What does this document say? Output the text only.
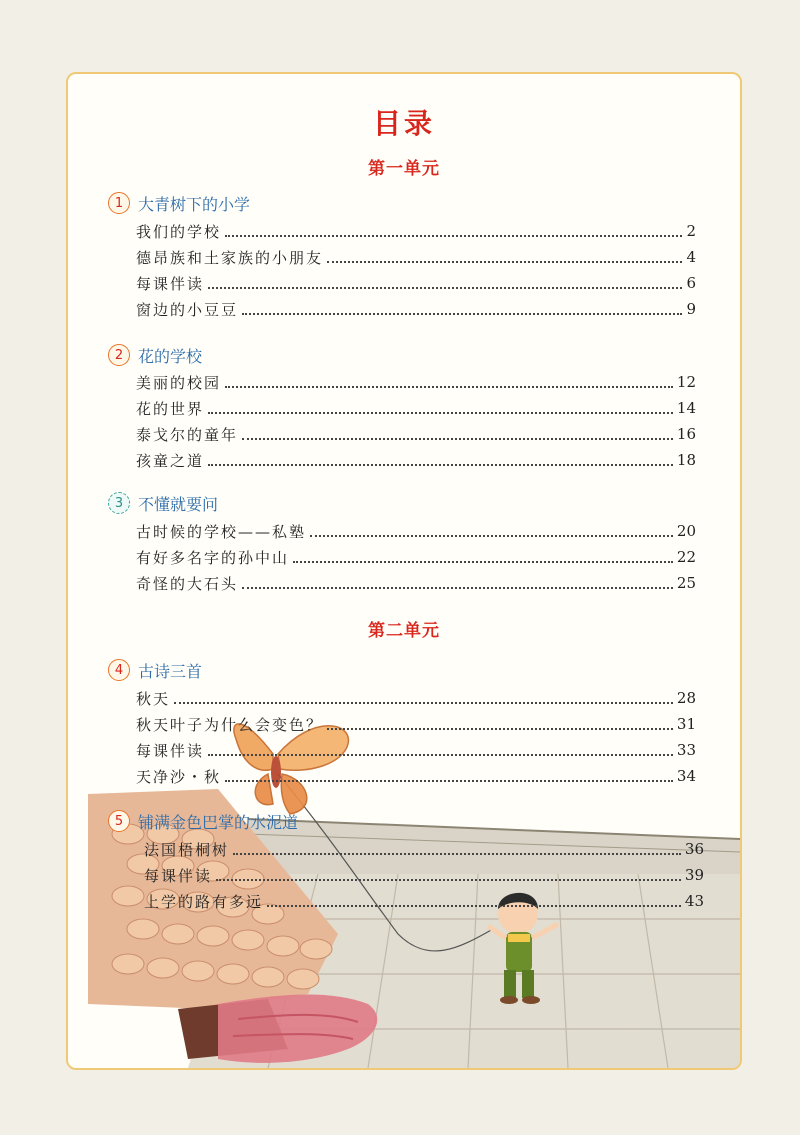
目录
第一单元
1 大青树下的小学
我们的学校	2
德昂族和土家族的小朋友	4
每课伴读	6
窗边的小豆豆	9
2 花的学校
美丽的校园	12
花的世界	14
泰戈尔的童年	16
孩童之道	18
3 不懂就要问
古时候的学校——私塾	20
有好多名字的孙中山	22
奇怪的大石头	25
第二单元
4 古诗三首
秋天	28
秋天叶子为什么会变色？	31
每课伴读	33
天净沙・秋	34
5 铺满金色巴掌的水泥道
法国梧桐树	36
每课伴读	39
上学的路有多远	43
